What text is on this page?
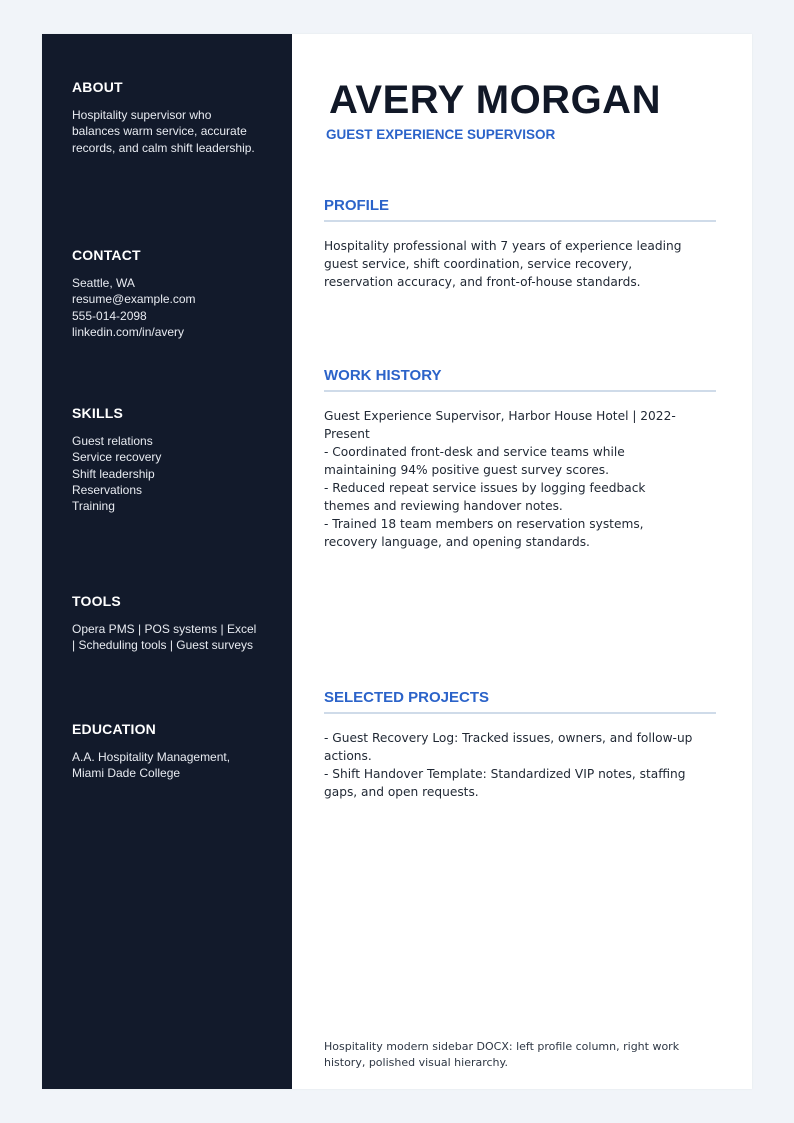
ABOUT

Hospitality supervisor who balances warm service, accurate records, and calm shift leadership.

CONTACT
Seattle, WA
resume@example.com
555-014-2098
linkedin.com/in/avery
SKILLS
Guest relations
Service recovery
Shift leadership
Reservations
Training
TOOLS

Opera PMS | POS systems | Excel | Scheduling tools | Guest surveys

EDUCATION

A.A. Hospitality Management, Miami Dade College

AVERY MORGAN
GUEST EXPERIENCE SUPERVISOR
PROFILE
Hospitality professional with 7 years of experience leading guest service, shift coordination, service recovery, reservation accuracy, and front-of-house standards.
WORK HISTORY
Guest Experience Supervisor, Harbor House Hotel | 2022-Present
- Coordinated front-desk and service teams while maintaining 94% positive guest survey scores.
- Reduced repeat service issues by logging feedback themes and reviewing handover notes.
- Trained 18 team members on reservation systems, recovery language, and opening standards.
SELECTED PROJECTS
- Guest Recovery Log: Tracked issues, owners, and follow-up actions.
- Shift Handover Template: Standardized VIP notes, staffing gaps, and open requests.

Hospitality modern sidebar DOCX: left profile column, right work history, polished visual hierarchy.
